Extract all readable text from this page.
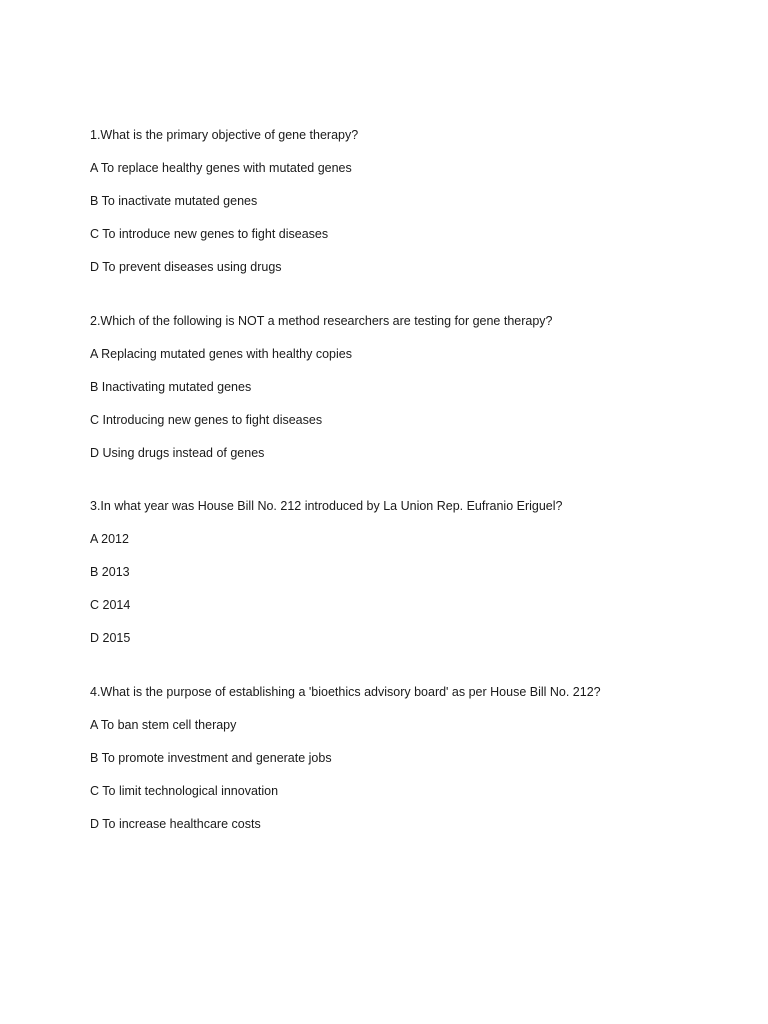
1.What is the primary objective of gene therapy?
A To replace healthy genes with mutated genes
B To inactivate mutated genes
C To introduce new genes to fight diseases
D To prevent diseases using drugs
2.Which of the following is NOT a method researchers are testing for gene therapy?
A Replacing mutated genes with healthy copies
B Inactivating mutated genes
C Introducing new genes to fight diseases
D Using drugs instead of genes
3.In what year was House Bill No. 212 introduced by La Union Rep. Eufranio Eriguel?
A 2012
B 2013
C 2014
D 2015
4.What is the purpose of establishing a 'bioethics advisory board' as per House Bill No. 212?
A To ban stem cell therapy
B To promote investment and generate jobs
C To limit technological innovation
D To increase healthcare costs
